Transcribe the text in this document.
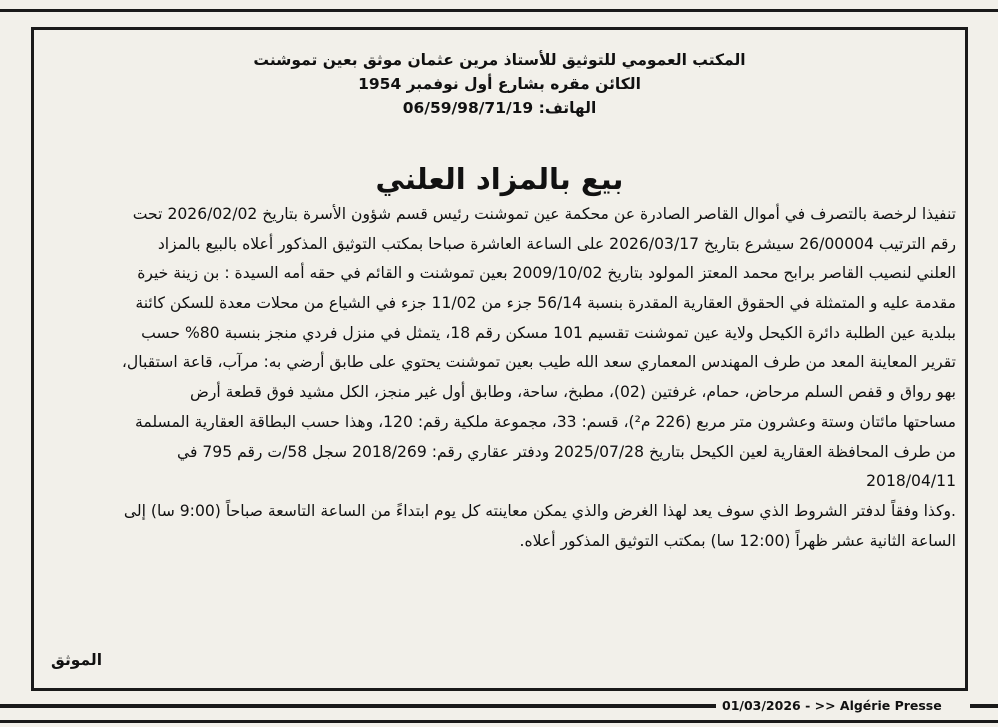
المكتب العمومي للتوثيق للأستاذ مرين عثمان موثق بعين تموشنت
الكائن مقره بشارع أول نوفمبر 1954
الهاتف: 06/59/98/71/19
بيع بالمزاد العلني
تنفيذا لرخصة بالتصرف في أموال القاصر الصادرة عن محكمة عين تموشنت رئيس قسم شؤون الأسرة بتاريخ 2026/02/02 تحت
رقم الترتيب 26/00004 سيشرع بتاريخ 2026/03/17 على الساعة العاشرة صباحا بمكتب التوثيق المذكور أعلاه بالبيع بالمزاد
العلني لنصيب القاصر برابح محمد المعتز المولود بتاريخ 2009/10/02 بعين تموشنت و القائم في حقه أمه السيدة : بن زينة خيرة
مقدمة عليه و المتمثلة في الحقوق العقارية المقدرة بنسبة 56/14 جزء من 11/02 جزء في الشياع من محلات معدة للسكن كائنة
ببلدية عين الطلبة دائرة الكيحل ولاية عين تموشنت تقسيم 101 مسكن رقم 18، يتمثل في منزل فردي منجز بنسبة 80% حسب
تقرير المعاينة المعد من طرف المهندس المعماري سعد الله طيب بعين تموشنت يحتوي على طابق أرضي به: مرآب، قاعة استقبال،
بهو رواق و قفص السلم مرحاض، حمام، غرفتين (02)، مطبخ، ساحة، وطابق أول غير منجز، الكل مشيد فوق قطعة أرض
مساحتها مائتان وستة وعشرون متر مربع (226 م²)، قسم: 33، مجموعة ملكية رقم: 120، وهذا حسب البطاقة العقارية المسلمة
من طرف المحافظة العقارية لعين الكيحل بتاريخ 2025/07/28 ودفتر عقاري رقم: 2018/269 سجل 58/ت رقم 795 في
2018/04/11
.وكذا وفقاً لدفتر الشروط الذي سوف يعد لهذا الغرض والذي يمكن معاينته كل يوم ابتداءً من الساعة التاسعة صباحاً (9:00 سا) إلى
الساعة الثانية عشر ظهراً (12:00 سا) بمكتب التوثيق المذكور أعلاه.
الموثق
01/03/2026 - >> Algérie Presse
